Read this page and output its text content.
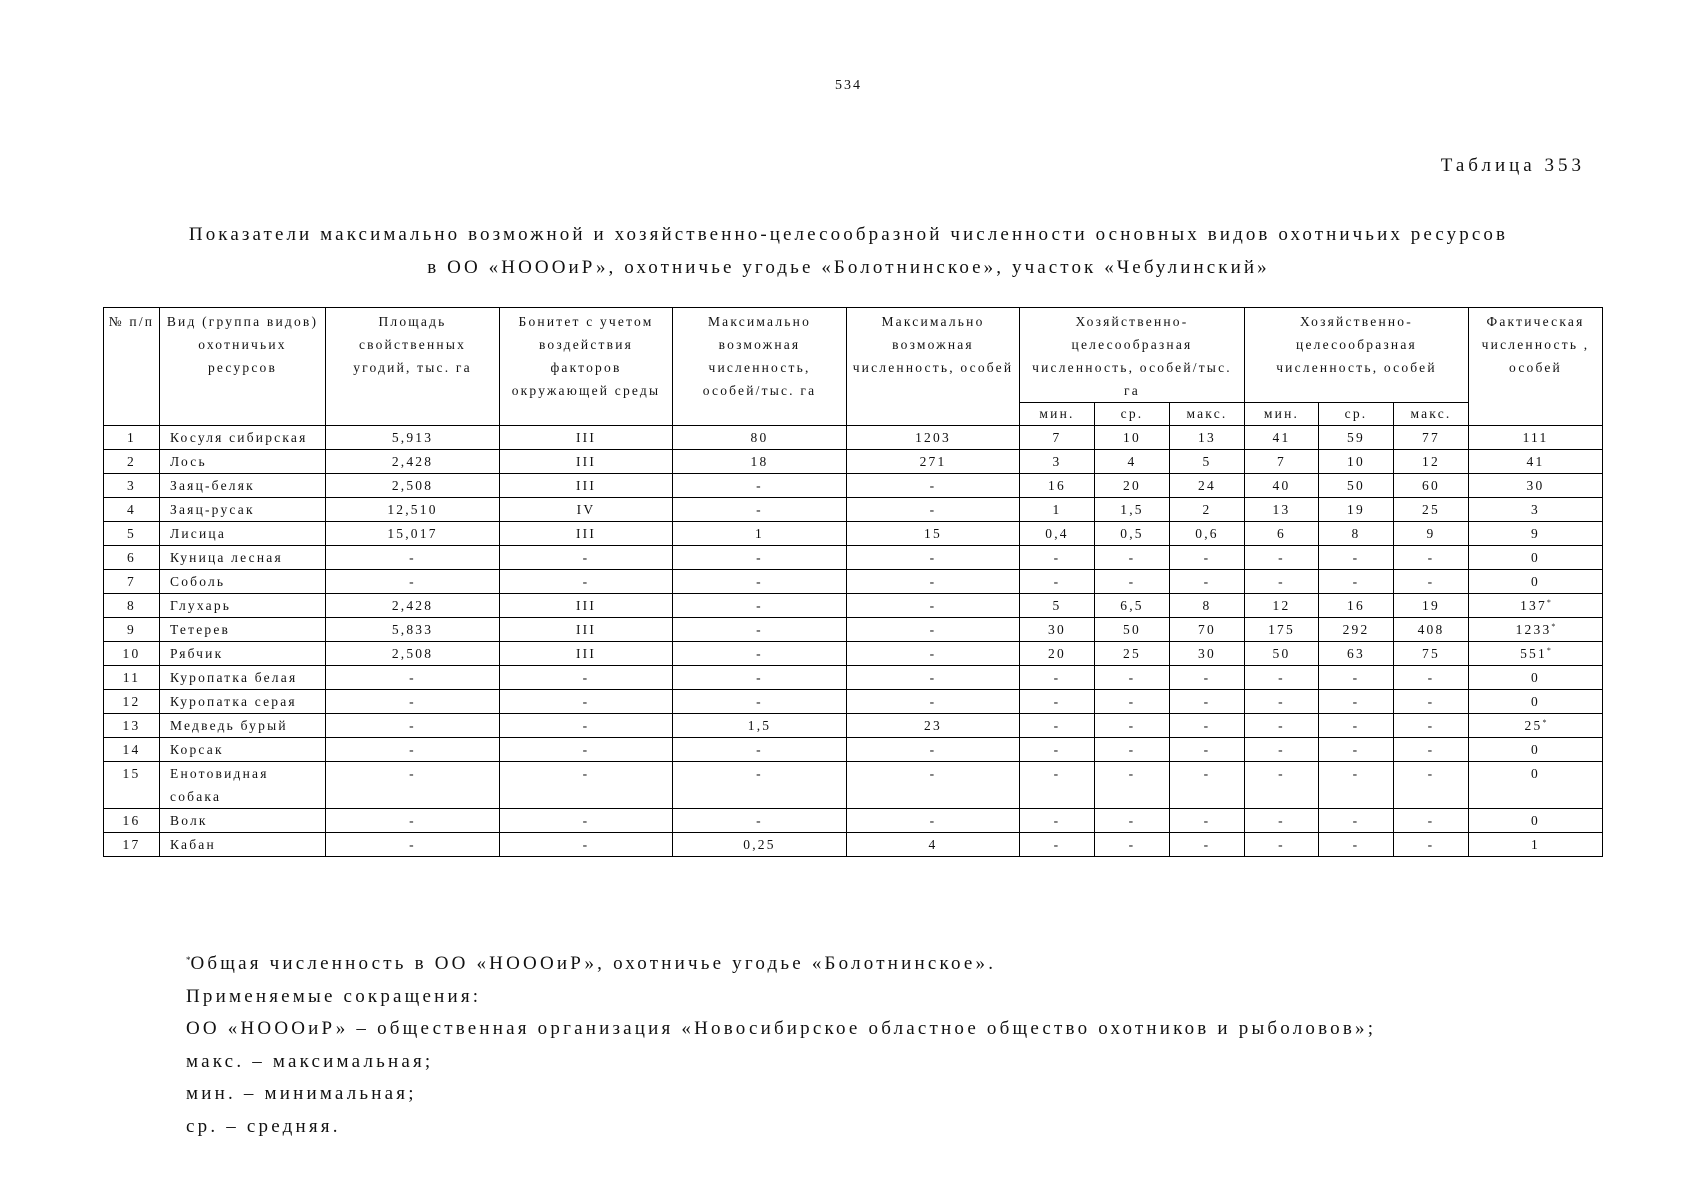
534
Таблица 353
Показатели максимально возможной и хозяйственно-целесообразной численности основных видов охотничьих ресурсов
в ОО «НОООиР», охотничье угодье «Болотнинское», участок «Чебулинский»
№ п/п	Вид (группа видов) охотничьих ресурсов	Площадь свойственных угодий, тыс. га	Бонитет с учетом воздействия факторов окружающей среды	Максимально возможная численность, особей/тыс. га	Максимально возможная численность, особей	Хозяйственно-целесообразная численность, особей/тыс. га			Хозяйственно-целесообразная численность, особей			Фактическая численность , особей
						мин.	ср.	макс.	мин.	ср.	макс.	
1	Косуля сибирская	5,913	III	80	1203	7	10	13	41	59	77	111
2	Лось	2,428	III	18	271	3	4	5	7	10	12	41
3	Заяц-беляк	2,508	III	-	-	16	20	24	40	50	60	30
4	Заяц-русак	12,510	IV	-	-	1	1,5	2	13	19	25	3
5	Лисица	15,017	III	1	15	0,4	0,5	0,6	6	8	9	9
6	Куница лесная	-	-	-	-	-	-	-	-	-	-	0
7	Соболь	-	-	-	-	-	-	-	-	-	-	0
8	Глухарь	2,428	III	-	-	5	6,5	8	12	16	19	137*
9	Тетерев	5,833	III	-	-	30	50	70	175	292	408	1233*
10	Рябчик	2,508	III	-	-	20	25	30	50	63	75	551*
11	Куропатка белая	-	-	-	-	-	-	-	-	-	-	0
12	Куропатка серая	-	-	-	-	-	-	-	-	-	-	0
13	Медведь бурый	-	-	1,5	23	-	-	-	-	-	-	25*
14	Корсак	-	-	-	-	-	-	-	-	-	-	0
15	Енотовидная собака	-	-	-	-	-	-	-	-	-	-	0
16	Волк	-	-	-	-	-	-	-	-	-	-	0
17	Кабан	-	-	0,25	4	-	-	-	-	-	-	1
*Общая численность в ОО «НОООиР», охотничье угодье «Болотнинское».
Применяемые сокращения:
ОО «НОООиР» – общественная организация «Новосибирское областное общество охотников и рыболовов»;
макс. – максимальная;
мин. – минимальная;
ср. – средняя.
